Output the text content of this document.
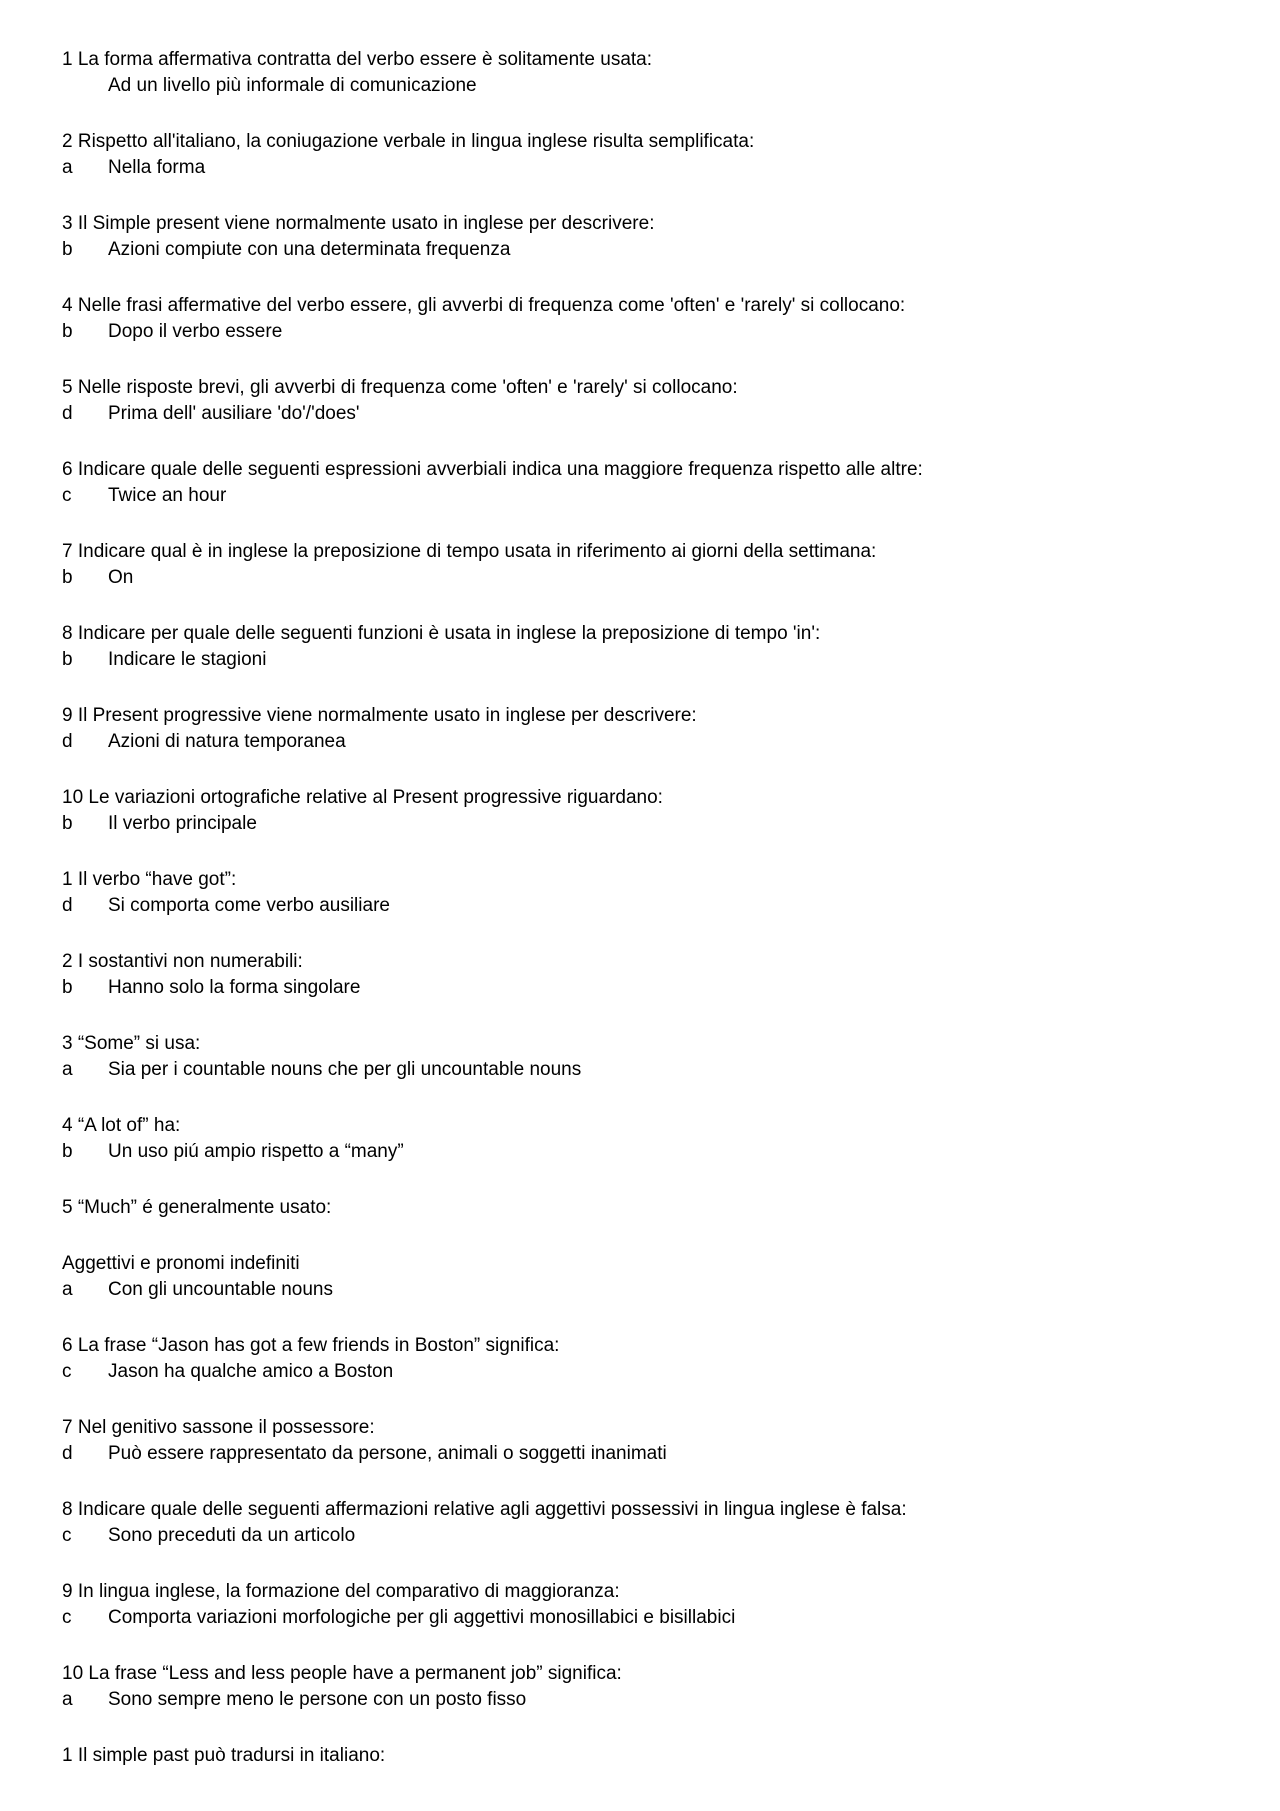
1 La forma affermativa contratta del verbo essere è solitamente usata:
Ad un livello più informale di comunicazione
2 Rispetto all'italiano, la coniugazione verbale in lingua inglese risulta semplificata:
a	Nella forma
3 Il Simple present viene normalmente usato in inglese per descrivere:
b	Azioni compiute con una determinata frequenza
4 Nelle frasi affermative del verbo essere, gli avverbi di frequenza come 'often' e 'rarely' si collocano:
b	Dopo il verbo essere
5 Nelle risposte brevi, gli avverbi di frequenza come 'often' e 'rarely' si collocano:
d	Prima dell' ausiliare 'do'/'does'
6 Indicare quale delle seguenti espressioni avverbiali indica una maggiore frequenza rispetto alle altre:
c	Twice an hour
7 Indicare qual è in inglese la preposizione di tempo usata in riferimento ai giorni della settimana:
b	On
8 Indicare per quale delle seguenti funzioni è usata in inglese la preposizione di tempo 'in':
b	Indicare le stagioni
9 Il Present progressive viene normalmente usato in inglese per descrivere:
d	Azioni di natura temporanea
10 Le variazioni ortografiche relative al Present progressive riguardano:
b	Il verbo principale
1 Il verbo “have got”:
d	Si comporta come verbo ausiliare
2 I sostantivi non numerabili:
b	Hanno solo la forma singolare
3 “Some” si usa:
a	Sia per i countable nouns che per gli uncountable nouns
4 “A lot of” ha:
b	Un uso piú ampio rispetto a “many”
5 “Much” é generalmente usato:
Aggettivi e pronomi indefiniti
a	Con gli uncountable nouns
6 La frase “Jason has got a few friends in Boston” significa:
c	Jason ha qualche amico a Boston
7 Nel genitivo sassone il possessore:
d	Può essere rappresentato da persone, animali o soggetti inanimati
8 Indicare quale delle seguenti affermazioni relative agli aggettivi possessivi in lingua inglese è falsa:
c	Sono preceduti da un articolo
9 In lingua inglese, la formazione del comparativo di maggioranza:
c	Comporta variazioni morfologiche per gli aggettivi monosillabici e bisillabici
10 La frase “Less and less people have a permanent job” significa:
a	Sono sempre meno le persone con un posto fisso
1 Il simple past può tradursi in italiano:
